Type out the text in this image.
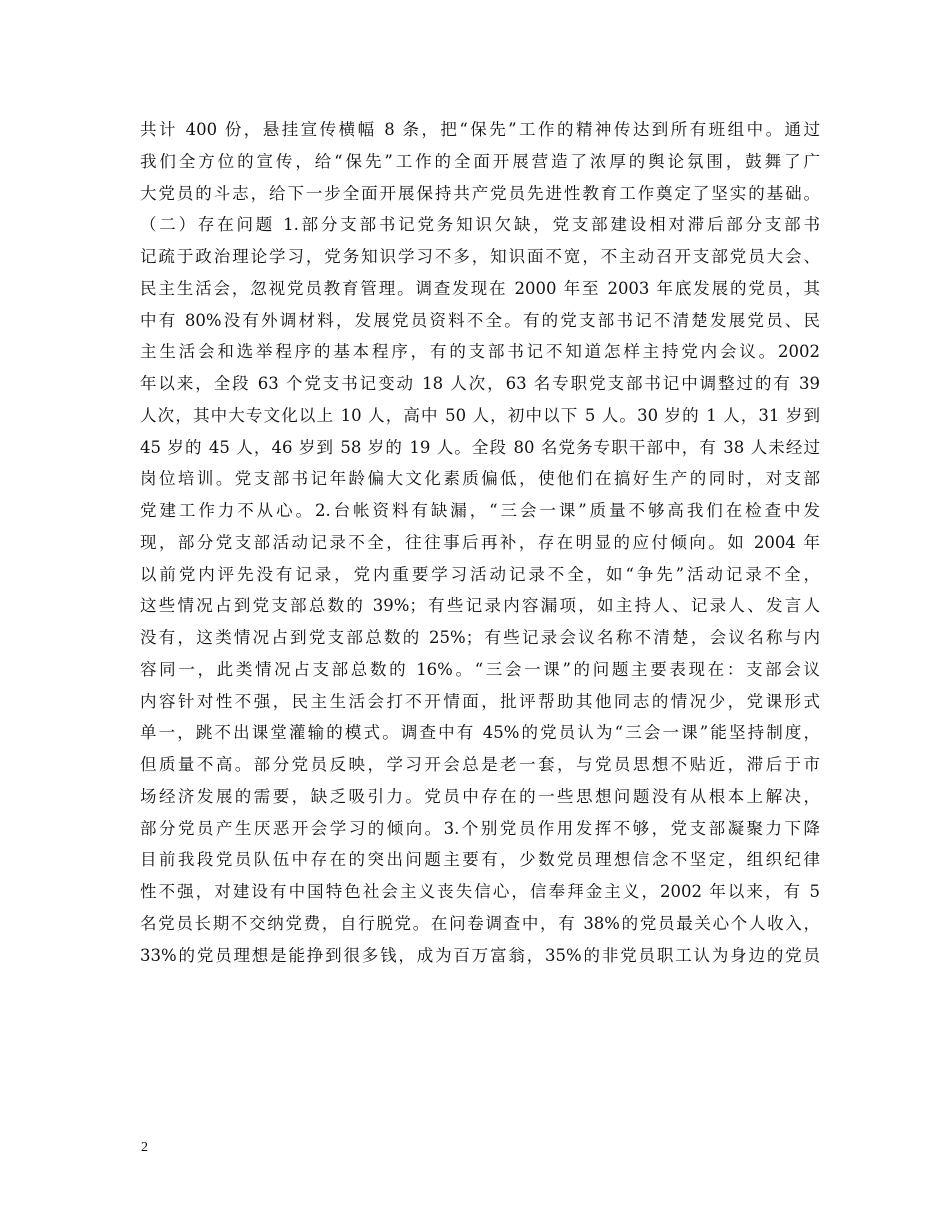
共计 400 份，悬挂宣传横幅 8 条，把“保先”工作的精神传达到所有班组中。通过
我们全方位的宣传，给“保先”工作的全面开展营造了浓厚的舆论氛围，鼓舞了广
大党员的斗志，给下一步全面开展保持共产党员先进性教育工作奠定了坚实的基础。
（二）存在问题 1.部分支部书记党务知识欠缺，党支部建设相对滞后部分支部书
记疏于政治理论学习，党务知识学习不多，知识面不宽，不主动召开支部党员大会、
民主生活会，忽视党员教育管理。调查发现在 2000 年至 2003 年底发展的党员，其
中有 80%没有外调材料，发展党员资料不全。有的党支部书记不清楚发展党员、民
主生活会和选举程序的基本程序，有的支部书记不知道怎样主持党内会议。2002
年以来，全段 63 个党支书记变动 18 人次，63 名专职党支部书记中调整过的有 39
人次，其中大专文化以上 10 人，高中 50 人，初中以下 5 人。30 岁的 1 人，31 岁到
45 岁的 45 人，46 岁到 58 岁的 19 人。全段 80 名党务专职干部中，有 38 人未经过
岗位培训。党支部书记年龄偏大文化素质偏低，使他们在搞好生产的同时，对支部
党建工作力不从心。2.台帐资料有缺漏，“三会一课”质量不够高我们在检查中发
现，部分党支部活动记录不全，往往事后再补，存在明显的应付倾向。如 2004 年
以前党内评先没有记录，党内重要学习活动记录不全，如“争先”活动记录不全，
这些情况占到党支部总数的 39%；有些记录内容漏项，如主持人、记录人、发言人
没有，这类情况占到党支部总数的 25%；有些记录会议名称不清楚，会议名称与内
容同一，此类情况占支部总数的 16%。“三会一课”的问题主要表现在：支部会议
内容针对性不强，民主生活会打不开情面，批评帮助其他同志的情况少，党课形式
单一，跳不出课堂灌输的模式。调查中有 45%的党员认为“三会一课”能坚持制度，
但质量不高。部分党员反映，学习开会总是老一套，与党员思想不贴近，滞后于市
场经济发展的需要，缺乏吸引力。党员中存在的一些思想问题没有从根本上解决，
部分党员产生厌恶开会学习的倾向。3.个别党员作用发挥不够，党支部凝聚力下降
目前我段党员队伍中存在的突出问题主要有，少数党员理想信念不坚定，组织纪律
性不强，对建设有中国特色社会主义丧失信心，信奉拜金主义，2002 年以来，有 5
名党员长期不交纳党费，自行脱党。在问卷调查中，有 38%的党员最关心个人收入，
33%的党员理想是能挣到很多钱，成为百万富翁，35%的非党员职工认为身边的党员
2
